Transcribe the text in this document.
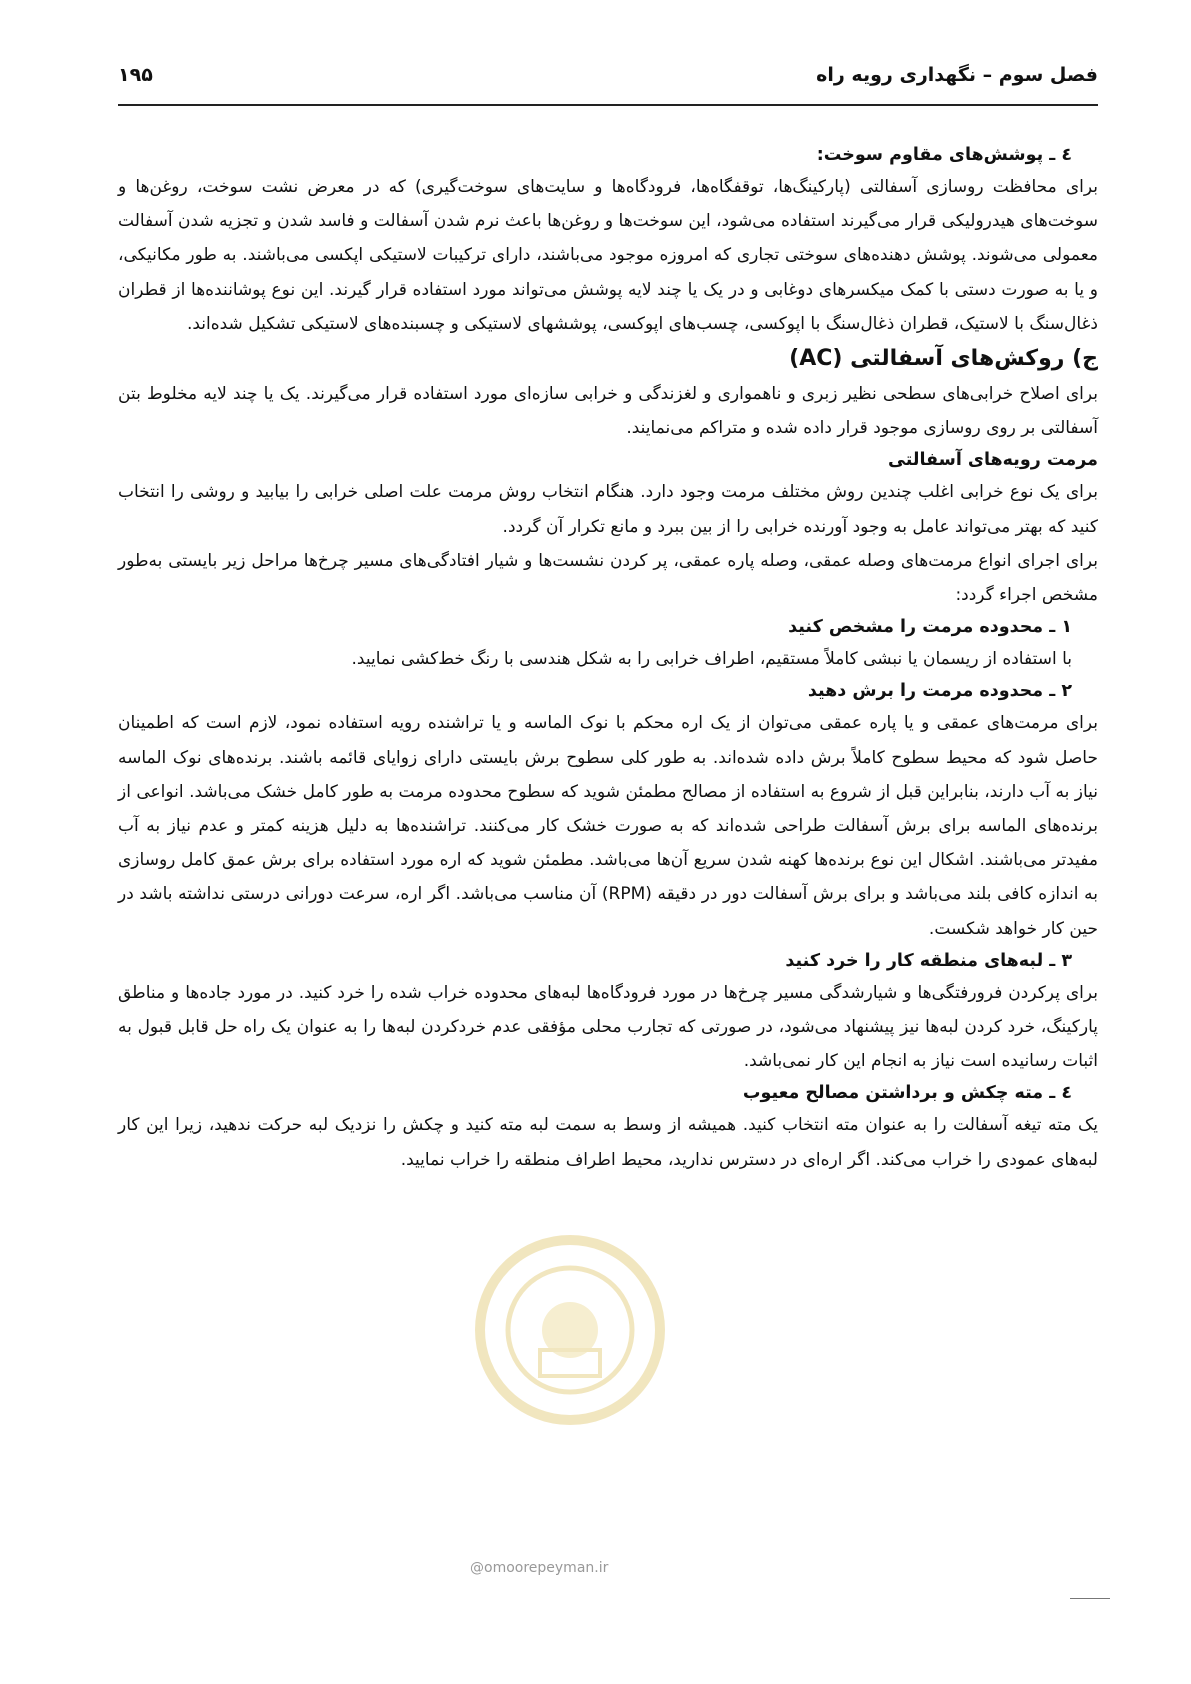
فصل سوم – نگهداری رویه راه
۱۹۵

٤ ـ پوشش‌های مقاوم سوخت:

برای محافظت روسازی آسفالتی (پارکینگ‌ها، توقفگاه‌ها، فرودگاه‌ها و سایت‌های سوخت‌گیری) که در معرض نشت سوخت، روغن‌ها و سوخت‌های هیدرولیکی قرار می‌گیرند استفاده می‌شود، این سوخت‌ها و روغن‌ها باعث نرم شدن آسفالت و فاسد شدن و تجزیه شدن آسفالت معمولی می‌شوند. پوشش دهنده‌های سوختی تجاری که امروزه موجود می‌باشند، دارای ترکیبات لاستیکی اپکسی می‌باشند. به طور مکانیکی، و یا به صورت دستی با کمک میکسرهای دوغابی و در یک یا چند لایه پوشش می‌تواند مورد استفاده قرار گیرند. این نوع پوشاننده‌ها از قطران ذغال‌سنگ با لاستیک، قطران ذغال‌سنگ با اپوکسی، چسب‌های اپوکسی، پوششهای لاستیکی و چسبنده‌های لاستیکی تشکیل شده‌اند.

ج) روکش‌های آسفالتی (AC)

برای اصلاح خرابی‌های سطحی نظیر زبری و ناهمواری و لغزندگی و خرابی سازه‌ای مورد استفاده قرار می‌گیرند. یک یا چند لایه مخلوط بتن آسفالتی بر روی روسازی موجود قرار داده شده و متراکم می‌نمایند.

مرمت رویه‌های آسفالتی

برای یک نوع خرابی اغلب چندین روش مختلف مرمت وجود دارد. هنگام انتخاب روش مرمت علت اصلی خرابی را بیابید و روشی را انتخاب کنید که بهتر می‌تواند عامل به وجود آورنده خرابی را از بین ببرد و مانع تکرار آن گردد.

برای اجرای انواع مرمت‌های وصله عمقی، وصله پاره عمقی، پر کردن نشست‌ها و شیار افتادگی‌های مسیر چرخ‌ها مراحل زیر بایستی به‌طور مشخص اجراء گردد:

۱ ـ محدوده مرمت را مشخص کنید

با استفاده از ریسمان یا نبشی کاملاً مستقیم، اطراف خرابی را به شکل هندسی با رنگ خط‌کشی نمایید.

۲ ـ محدوده مرمت را برش دهید

برای مرمت‌های عمقی و یا پاره عمقی می‌توان از یک اره محکم با نوک الماسه و یا تراشنده رویه استفاده نمود، لازم است که اطمینان حاصل شود که محیط سطوح کاملاً برش داده شده‌اند. به طور کلی سطوح برش بایستی دارای زوایای قائمه باشند. برنده‌های نوک الماسه نیاز به آب دارند، بنابراین قبل از شروع به استفاده از مصالح مطمئن شوید که سطوح محدوده مرمت به طور کامل خشک می‌باشد. انواعی از برنده‌های الماسه برای برش آسفالت طراحی شده‌اند که به صورت خشک کار می‌کنند. تراشنده‌ها به دلیل هزینه کمتر و عدم نیاز به آب مفیدتر می‌باشند. اشکال این نوع برنده‌ها کهنه شدن سریع آن‌ها می‌باشد. مطمئن شوید که اره مورد استفاده برای برش عمق کامل روسازی به اندازه کافی بلند می‌باشد و برای برش آسفالت دور در دقیقه (RPM) آن مناسب می‌باشد. اگر اره، سرعت دورانی درستی نداشته باشد در حین کار خواهد شکست.

۳ ـ لبه‌های منطقه کار را خرد کنید

برای پرکردن فرورفتگی‌ها و شیارشدگی مسیر چرخ‌ها در مورد فرودگاه‌ها لبه‌های محدوده خراب شده را خرد کنید. در مورد جاده‌ها و مناطق پارکینگ، خرد کردن لبه‌ها نیز پیشنهاد می‌شود، در صورتی که تجارب محلی مؤفقی عدم خردکردن لبه‌ها را به عنوان یک راه حل قابل قبول به اثبات رسانیده است نیاز به انجام این کار نمی‌باشد.

٤ ـ مته چکش و برداشتن مصالح معیوب

یک مته تیغه آسفالت را به عنوان مته انتخاب کنید. همیشه از وسط به سمت لبه مته کنید و چکش را نزدیک لبه حرکت ندهید، زیرا این کار لبه‌های عمودی را خراب می‌کند. اگر اره‌ای در دسترس ندارید، محیط اطراف منطقه را خراب نمایید.

@omoorepeyman.ir
